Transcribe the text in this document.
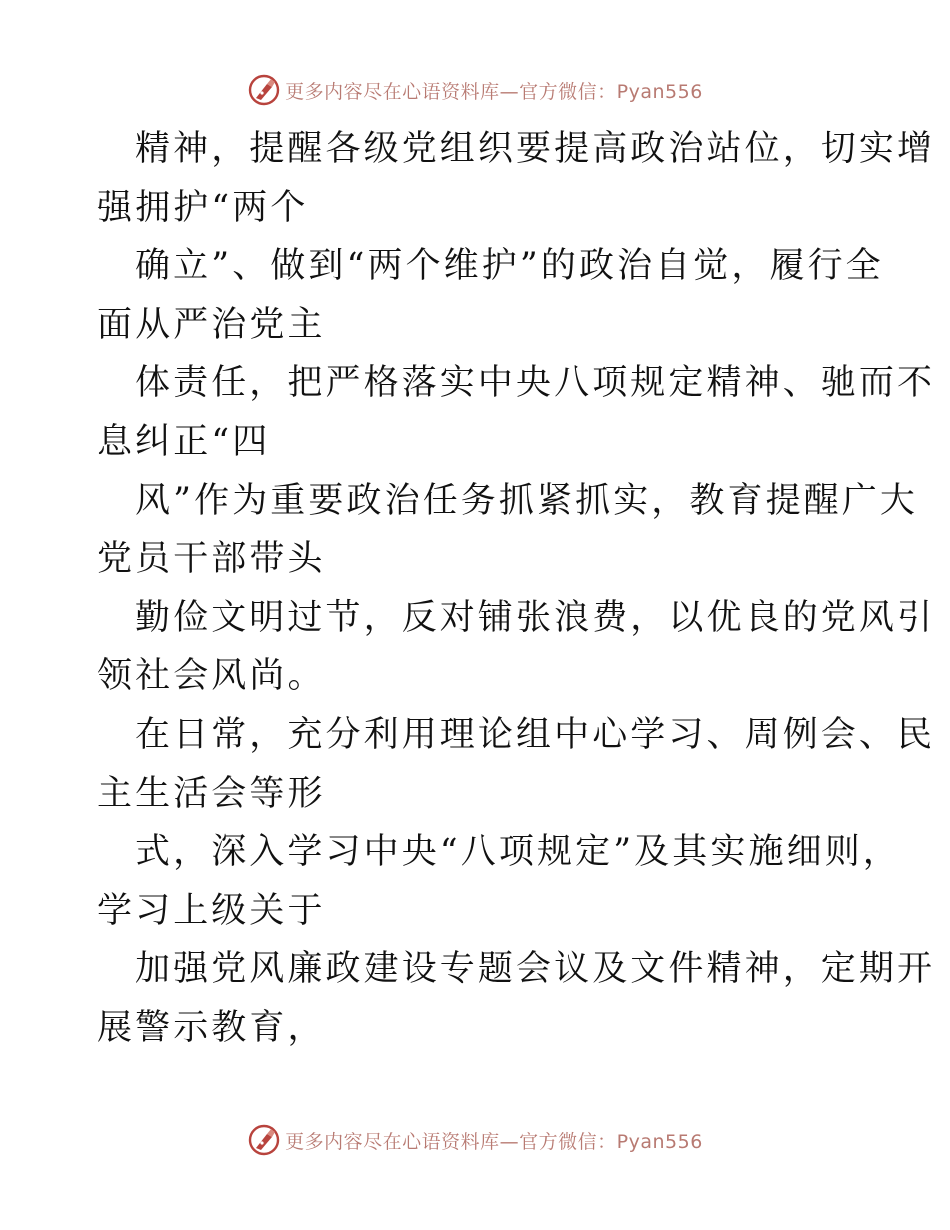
更多内容尽在心语资料库—官方微信：Pyan556
精神，提醒各级党组织要提高政治站位，切实增
强拥护“两个
确立”、做到“两个维护”的政治自觉，履行全
面从严治党主
体责任，把严格落实中央八项规定精神、驰而不
息纠正“四
风”作为重要政治任务抓紧抓实，教育提醒广大
党员干部带头
勤俭文明过节，反对铺张浪费，以优良的党风引
领社会风尚。
在日常，充分利用理论组中心学习、周例会、民
主生活会等形
式，深入学习中央“八项规定”及其实施细则，
学习上级关于
加强党风廉政建设专题会议及文件精神，定期开
展警示教育，
更多内容尽在心语资料库—官方微信：Pyan556
